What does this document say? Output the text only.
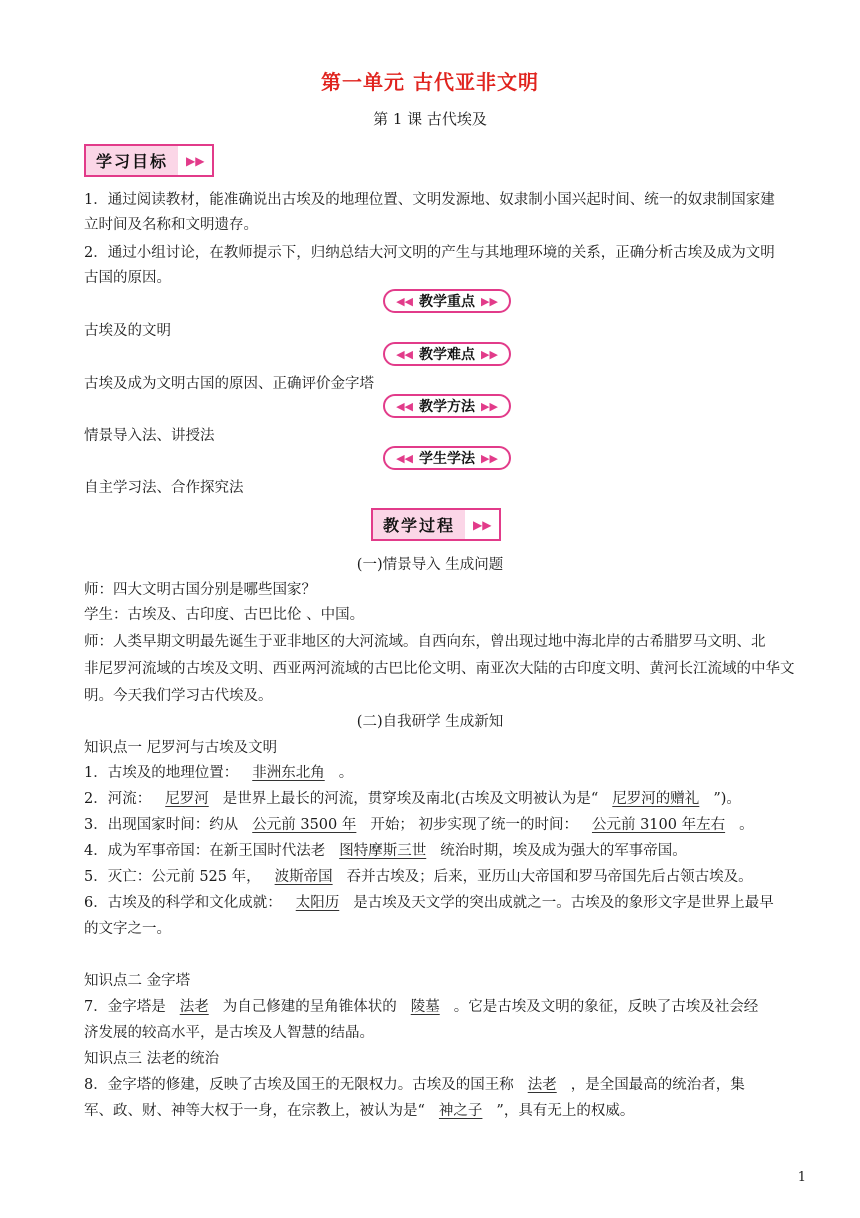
第一单元 古代亚非文明
第 1 课 古代埃及
学习目标	▶▶
1．通过阅读教材，能准确说出古埃及的地理位置、文明发源地、奴隶制小国兴起时间、统一的奴隶制国家建
立时间及名称和文明遗存。
2．通过小组讨论，在教师提示下，归纳总结大河文明的产生与其地理环境的关系，正确分析古埃及成为文明
古国的原因。
◀◀ 教学重点 ▶▶
古埃及的文明
◀◀ 教学难点 ▶▶
古埃及成为文明古国的原因、正确评价金字塔
◀◀ 教学方法 ▶▶
情景导入法、讲授法
◀◀ 学生学法 ▶▶
自主学习法、合作探究法
教学过程	▶▶
(一)情景导入 生成问题
师：四大文明古国分别是哪些国家？
学生：古埃及、古印度、古巴比伦 、中国。
师：人类早期文明最先诞生于亚非地区的大河流域。自西向东，曾出现过地中海北岸的古希腊罗马文明、北
非尼罗河流域的古埃及文明、西亚两河流域的古巴比伦文明、南亚次大陆的古印度文明、黄河长江流域的中华文
明。今天我们学习古代埃及。
(二)自我研学 生成新知
知识点一 尼罗河与古埃及文明
1．古埃及的地理位置： 非洲东北角 。
2．河流： 尼罗河 是世界上最长的河流，贯穿埃及南北(古埃及文明被认为是“ 尼罗河的赠礼 ”)。
3．出现国家时间：约从 公元前 3500 年 开始； 初步实现了统一的时间： 公元前 3100 年左右 。
4．成为军事帝国：在新王国时代法老 图特摩斯三世 统治时期，埃及成为强大的军事帝国。
5．灭亡：公元前 525 年， 波斯帝国 吞并古埃及；后来，亚历山大帝国和罗马帝国先后占领古埃及。
6．古埃及的科学和文化成就： 太阳历 是古埃及天文学的突出成就之一。古埃及的象形文字是世界上最早
的文字之一。
知识点二 金字塔
7．金字塔是 法老 为自己修建的呈角锥体状的 陵墓 。它是古埃及文明的象征，反映了古埃及社会经
济发展的较高水平，是古埃及人智慧的结晶。
知识点三 法老的统治
8．金字塔的修建，反映了古埃及国王的无限权力。古埃及的国王称 法老 ，是全国最高的统治者，集
军、政、财、神等大权于一身，在宗教上，被认为是“ 神之子 ”，具有无上的权威。
1
